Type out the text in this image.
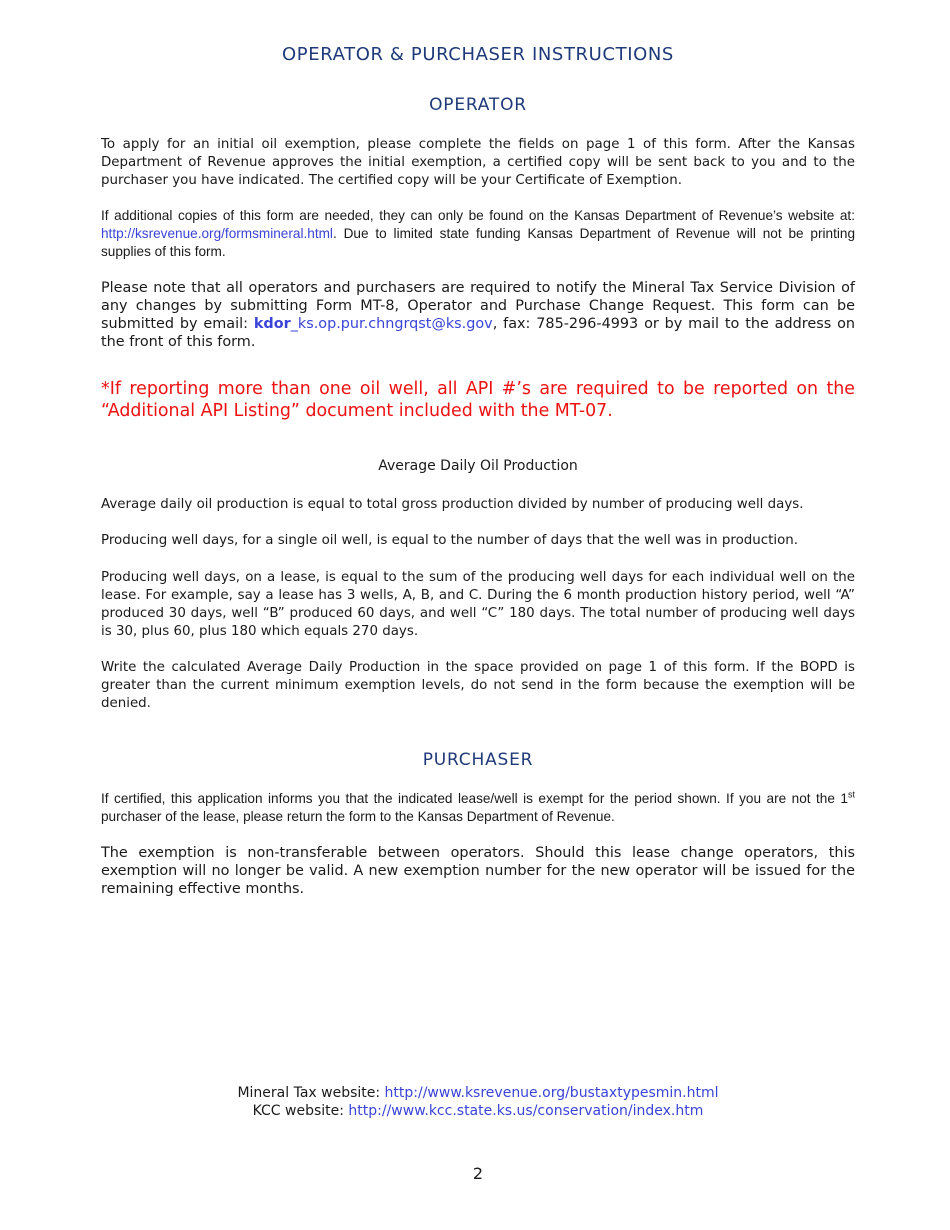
OPERATOR & PURCHASER INSTRUCTIONS
OPERATOR

To apply for an initial oil exemption, please complete the fields on page 1 of this form. After the Kansas Department of Revenue approves the initial exemption, a certified copy will be sent back to you and to the purchaser you have indicated. The certified copy will be your Certificate of Exemption.

If additional copies of this form are needed, they can only be found on the Kansas Department of Revenue’s website at: http://ksrevenue.org/formsmineral.html. Due to limited state funding Kansas Department of Revenue will not be printing supplies of this form.

Please note that all operators and purchasers are required to notify the Mineral Tax Service Division of any changes by submitting Form MT-8, Operator and Purchase Change Request. This form can be submitted by email: kdor_ks.op.pur.chngrqst@ks.gov, fax: 785-296-4993 or by mail to the address on the front of this form.

*If reporting more than one oil well, all API #’s are required to be reported on the “Additional API Listing” document included with the MT-07.

Average Daily Oil Production

Average daily oil production is equal to total gross production divided by number of producing well days.

Producing well days, for a single oil well, is equal to the number of days that the well was in production.

Producing well days, on a lease, is equal to the sum of the producing well days for each individual well on the lease. For example, say a lease has 3 wells, A, B, and C. During the 6 month production history period, well “A” produced 30 days, well “B” produced 60 days, and well “C” 180 days. The total number of producing well days is 30, plus 60, plus 180 which equals 270 days.

Write the calculated Average Daily Production in the space provided on page 1 of this form. If the BOPD is greater than the current minimum exemption levels, do not send in the form because the exemption will be denied.

PURCHASER

If certified, this application informs you that the indicated lease/well is exempt for the period shown. If you are not the 1st purchaser of the lease, please return the form to the Kansas Department of Revenue.

The exemption is non-transferable between operators. Should this lease change operators, this exemption will no longer be valid. A new exemption number for the new operator will be issued for the remaining effective months.

Mineral Tax website: http://www.ksrevenue.org/bustaxtypesmin.html

KCC website: http://www.kcc.state.ks.us/conservation/index.htm

2
